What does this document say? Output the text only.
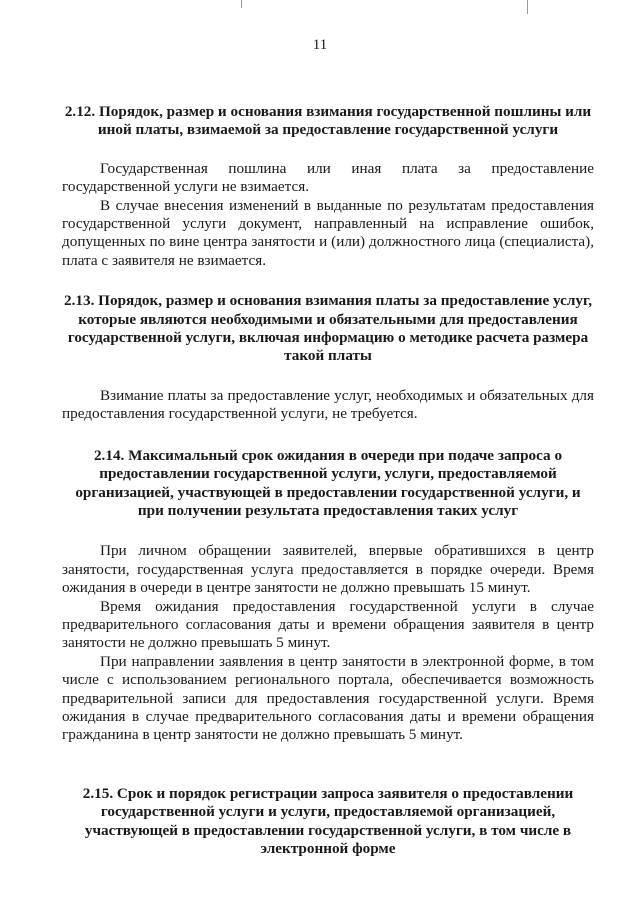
11

2.12. Порядок, размер и основания взимания государственной пошлины или иной платы, взимаемой за предоставление государственной услуги

Государственная пошлина или иная плата за предоставление государственной услуги не взимается.

В случае внесения изменений в выданные по результатам предоставления государственной услуги документ, направленный на исправление ошибок, допущенных по вине центра занятости и (или) должностного лица (специалиста), плата с заявителя не взимается.

2.13. Порядок, размер и основания взимания платы за предоставление услуг, которые являются необходимыми и обязательными для предоставления государственной услуги, включая информацию о методике расчета размера такой платы

Взимание платы за предоставление услуг, необходимых и обязательных для предоставления государственной услуги, не требуется.

2.14. Максимальный срок ожидания в очереди при подаче запроса о предоставлении государственной услуги, услуги, предоставляемой организацией, участвующей в предоставлении государственной услуги, и при получении результата предоставления таких услуг

При личном обращении заявителей, впервые обратившихся в центр занятости, государственная услуга предоставляется в порядке очереди. Время ожидания в очереди в центре занятости не должно превышать 15 минут.

Время ожидания предоставления государственной услуги в случае предварительного согласования даты и времени обращения заявителя в центр занятости не должно превышать 5 минут.

При направлении заявления в центр занятости в электронной форме, в том числе с использованием регионального портала, обеспечивается возможность предварительной записи для предоставления государственной услуги. Время ожидания в случае предварительного согласования даты и времени обращения гражданина в центр занятости не должно превышать 5 минут.

2.15. Срок и порядок регистрации запроса заявителя о предоставлении государственной услуги и услуги, предоставляемой организацией, участвующей в предоставлении государственной услуги, в том числе в электронной форме
